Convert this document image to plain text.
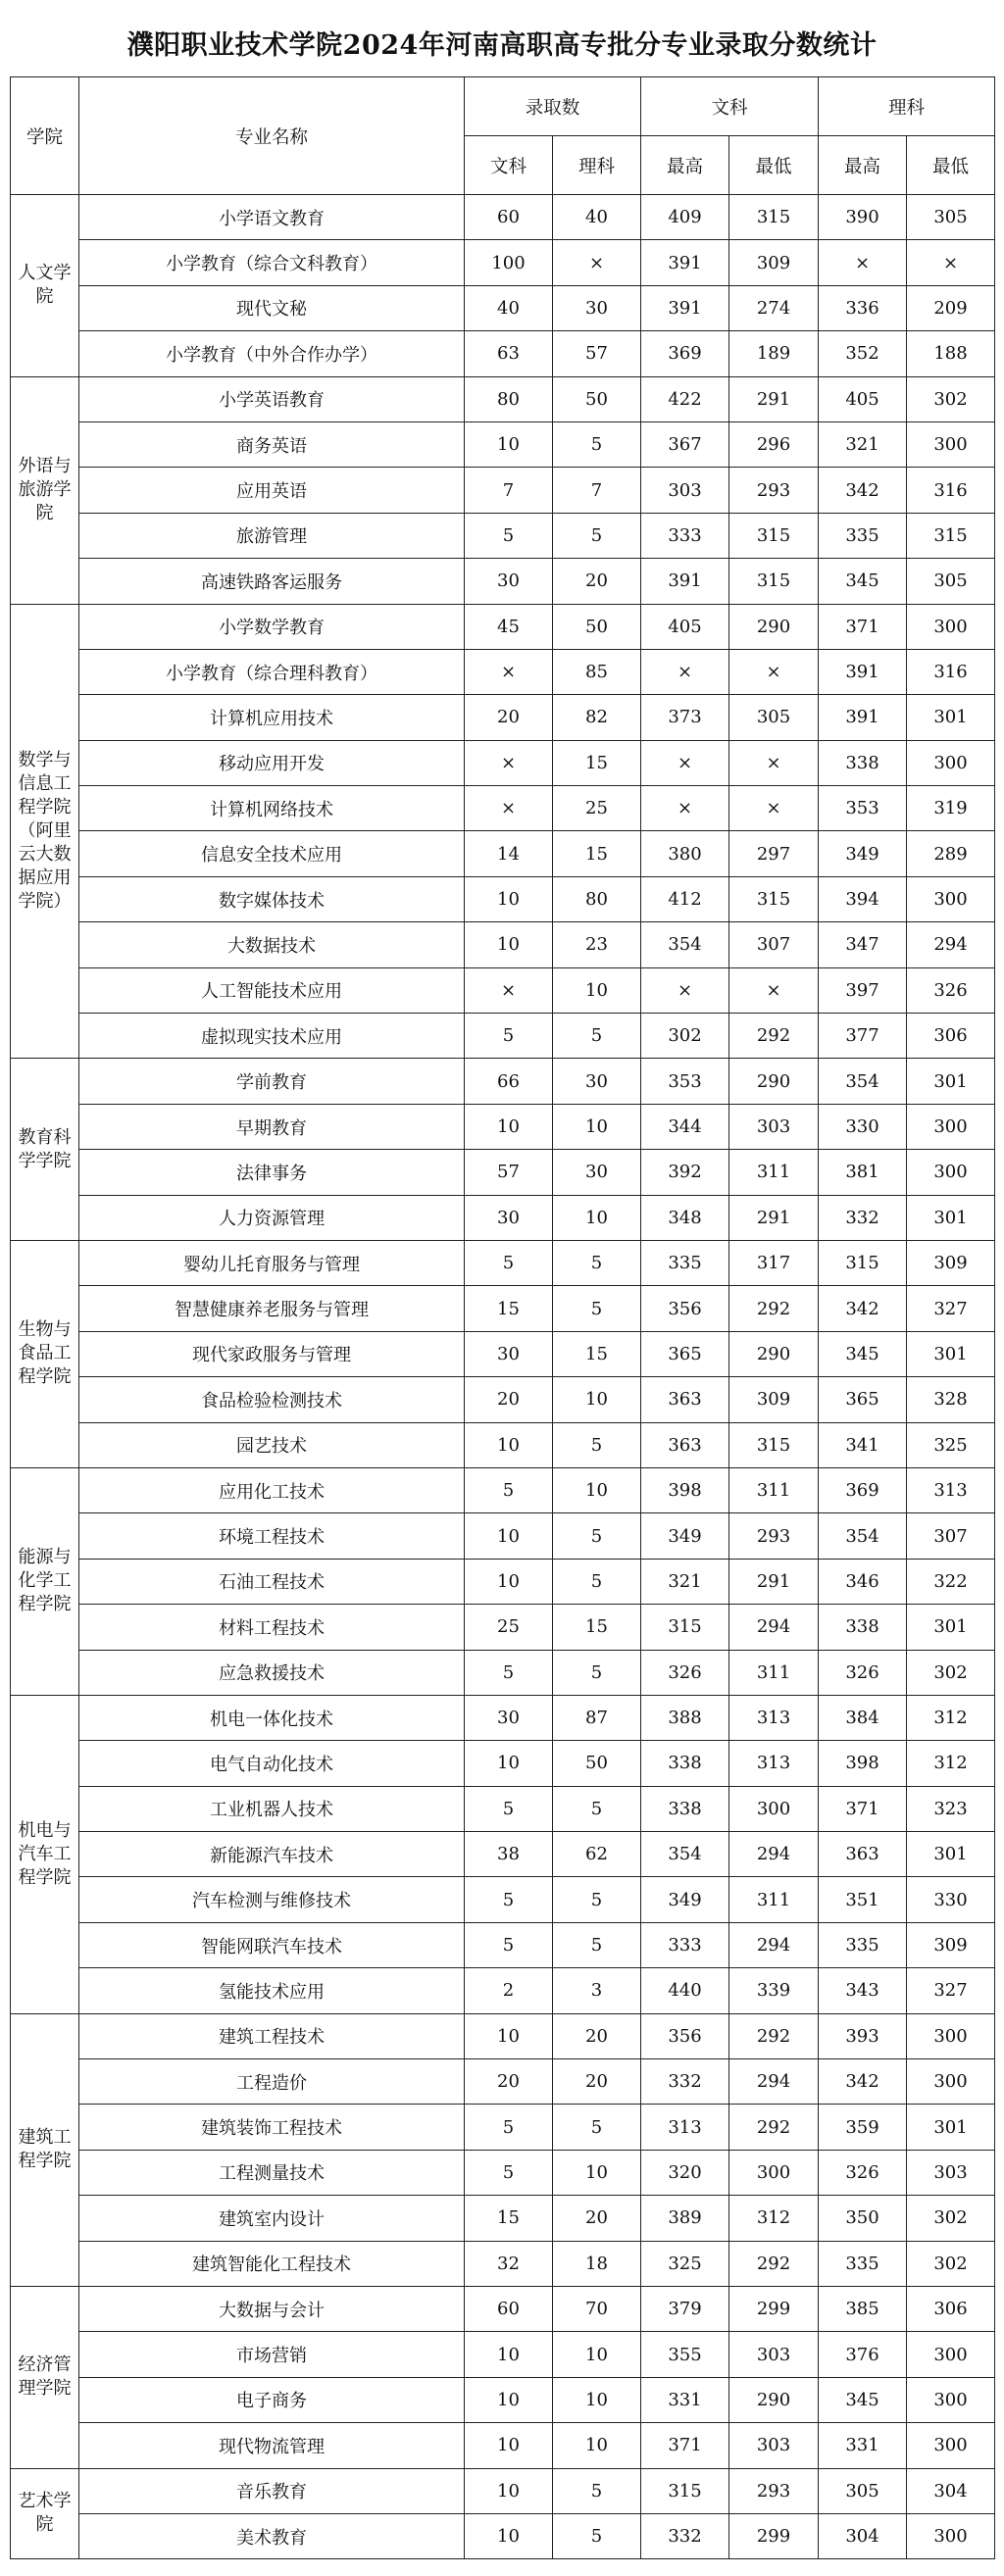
濮阳职业技术学院2024年河南高职高专批分专业录取分数统计
学院	专业名称	录取数		文科		理科	
		文科	理科	最高	最低	最高	最低
人文学院	小学语文教育	60	40	409	315	390	305
	小学教育（综合文科教育）	100	×	391	309	×	×
	现代文秘	40	30	391	274	336	209
	小学教育（中外合作办学）	63	57	369	189	352	188
外语与旅游学院	小学英语教育	80	50	422	291	405	302
	商务英语	10	5	367	296	321	300
	应用英语	7	7	303	293	342	316
	旅游管理	5	5	333	315	335	315
	高速铁路客运服务	30	20	391	315	345	305
数学与信息工程学院（阿里云大数据应用学院）	小学数学教育	45	50	405	290	371	300
	小学教育（综合理科教育）	×	85	×	×	391	316
	计算机应用技术	20	82	373	305	391	301
	移动应用开发	×	15	×	×	338	300
	计算机网络技术	×	25	×	×	353	319
	信息安全技术应用	14	15	380	297	349	289
	数字媒体技术	10	80	412	315	394	300
	大数据技术	10	23	354	307	347	294
	人工智能技术应用	×	10	×	×	397	326
	虚拟现实技术应用	5	5	302	292	377	306
教育科学学院	学前教育	66	30	353	290	354	301
	早期教育	10	10	344	303	330	300
	法律事务	57	30	392	311	381	300
	人力资源管理	30	10	348	291	332	301
生物与食品工程学院	婴幼儿托育服务与管理	5	5	335	317	315	309
	智慧健康养老服务与管理	15	5	356	292	342	327
	现代家政服务与管理	30	15	365	290	345	301
	食品检验检测技术	20	10	363	309	365	328
	园艺技术	10	5	363	315	341	325
能源与化学工程学院	应用化工技术	5	10	398	311	369	313
	环境工程技术	10	5	349	293	354	307
	石油工程技术	10	5	321	291	346	322
	材料工程技术	25	15	315	294	338	301
	应急救援技术	5	5	326	311	326	302
机电与汽车工程学院	机电一体化技术	30	87	388	313	384	312
	电气自动化技术	10	50	338	313	398	312
	工业机器人技术	5	5	338	300	371	323
	新能源汽车技术	38	62	354	294	363	301
	汽车检测与维修技术	5	5	349	311	351	330
	智能网联汽车技术	5	5	333	294	335	309
	氢能技术应用	2	3	440	339	343	327
建筑工程学院	建筑工程技术	10	20	356	292	393	300
	工程造价	20	20	332	294	342	300
	建筑装饰工程技术	5	5	313	292	359	301
	工程测量技术	5	10	320	300	326	303
	建筑室内设计	15	20	389	312	350	302
	建筑智能化工程技术	32	18	325	292	335	302
经济管理学院	大数据与会计	60	70	379	299	385	306
	市场营销	10	10	355	303	376	300
	电子商务	10	10	331	290	345	300
	现代物流管理	10	10	371	303	331	300
艺术学院	音乐教育	10	5	315	293	305	304
	美术教育	10	5	332	299	304	300
